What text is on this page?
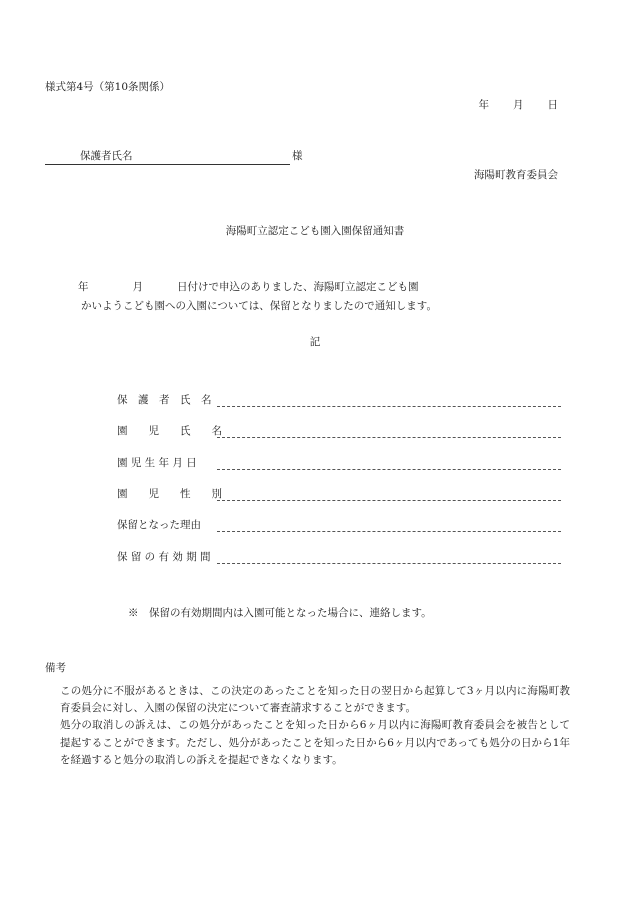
様式第4号（第10条関係）
年 月 日
保護者氏名	様
海陽町教育委員会
海陽町立認定こども園入園保留通知書
年	月	日付けで申込のありました、海陽町立認定こども園
かいようこども園への入園については、保留となりましたので通知します。
記
保　護　者　氏　名
園　　児　　氏　　名
園 児 生 年 月 日
園　　児　　性　　別
保留となった理由
保 留 の 有 効 期 間
※　保留の有効期間内は入園可能となった場合に、連絡します。
備考

この処分に不服があるときは、この決定のあったことを知った日の翌日から起算して3ヶ月以内に海陽町教育委員会に対し、入園の保留の決定について審査請求することができます。

処分の取消しの訴えは、この処分があったことを知った日から6ヶ月以内に海陽町教育委員会を被告として提起することができます。ただし、処分があったことを知った日から6ヶ月以内であっても処分の日から1年を経過すると処分の取消しの訴えを提起できなくなります。
